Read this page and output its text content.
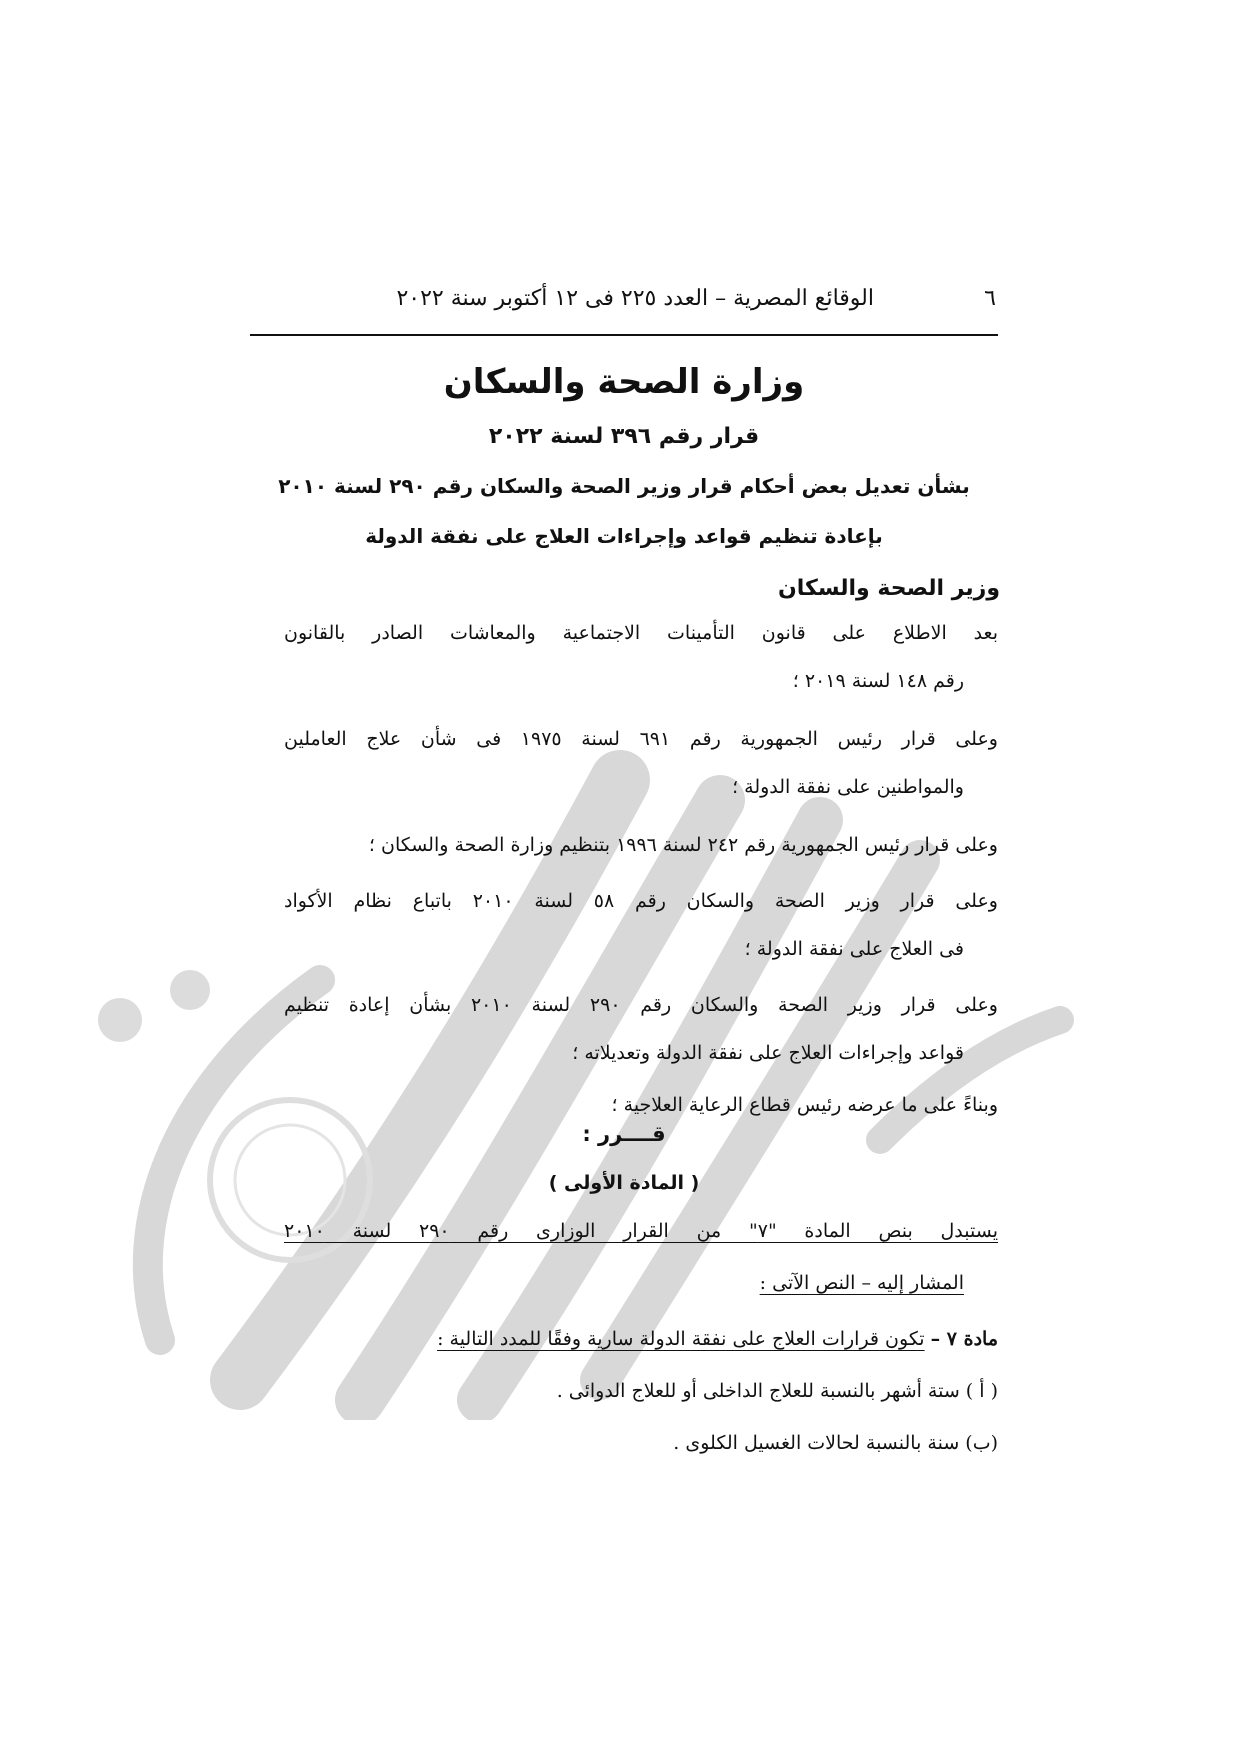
٦
الوقائع المصرية – العدد ٢٢٥ فى ١٢ أكتوبر سنة ٢٠٢٢
وزارة الصحة والسكان
قرار رقم ٣٩٦ لسنة ٢٠٢٢
بشأن تعديل بعض أحكام قرار وزير الصحة والسكان رقم ٢٩٠ لسنة ٢٠١٠
بإعادة تنظيم قواعد وإجراءات العلاج على نفقة الدولة
وزير الصحة والسكان
بعد الاطلاع على قانون التأمينات الاجتماعية والمعاشات الصادر بالقانون
رقم ١٤٨ لسنة ٢٠١٩ ؛
وعلى قرار رئيس الجمهورية رقم ٦٩١ لسنة ١٩٧٥ فى شأن علاج العاملين
والمواطنين على نفقة الدولة ؛
وعلى قرار رئيس الجمهورية رقم ٢٤٢ لسنة ١٩٩٦ بتنظيم وزارة الصحة والسكان ؛
وعلى قرار وزير الصحة والسكان رقم ٥٨ لسنة ٢٠١٠ باتباع نظام الأكواد
فى العلاج على نفقة الدولة ؛
وعلى قرار وزير الصحة والسكان رقم ٢٩٠ لسنة ٢٠١٠ بشأن إعادة تنظيم
قواعد وإجراءات العلاج على نفقة الدولة وتعديلاته ؛
وبناءً على ما عرضه رئيس قطاع الرعاية العلاجية ؛
قــــرر :
( المادة الأولى )
يستبدل بنص المادة "٧" من القرار الوزارى رقم ٢٩٠ لسنة ٢٠١٠
المشار إليه – النص الآتى :
مادة ٧ – تكون قرارات العلاج على نفقة الدولة سارية وفقًا للمدد التالية :
( أ ) ستة أشهر بالنسبة للعلاج الداخلى أو للعلاج الدوائى .
(ب) سنة بالنسبة لحالات الغسيل الكلوى .
